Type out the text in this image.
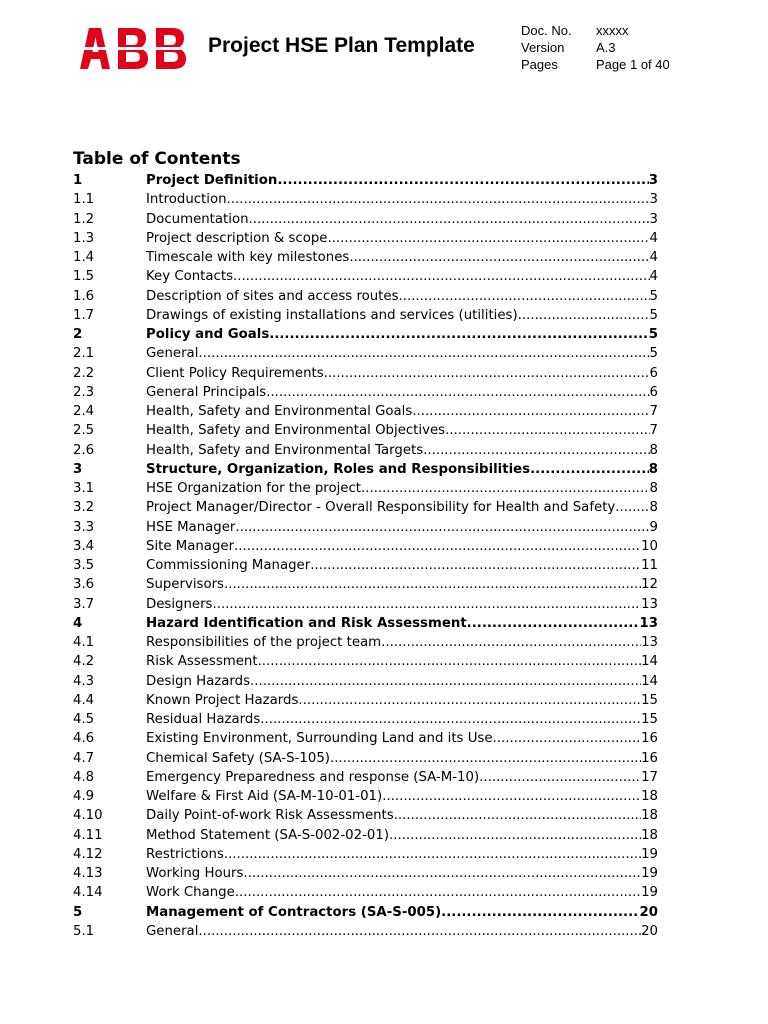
Project HSE Plan Template
Doc. No.	xxxxx
Version	A.3
Pages	Page 1 of 40
Table of Contents
1	Project Definition .....	3
1.1	Introduction .....	3
1.2	Documentation .....	3
1.3	Project description & scope .....	4
1.4	Timescale with key milestones .....	4
1.5	Key Contacts .....	4
1.6	Description of sites and access routes .....	5
1.7	Drawings of existing installations and services (utilities) .....	5
2	Policy and Goals .....	5
2.1	General .....	5
2.2	Client Policy Requirements .....	6
2.3	General Principals .....	6
2.4	Health, Safety and Environmental Goals .....	7
2.5	Health, Safety and Environmental Objectives .....	7
2.6	Health, Safety and Environmental Targets .....	8
3	Structure, Organization, Roles and Responsibilities .....	8
3.1	HSE Organization for the project .....	8
3.2	Project Manager/Director - Overall Responsibility for Health and Safety .....	8
3.3	HSE Manager .....	9
3.4	Site Manager .....	10
3.5	Commissioning Manager .....	11
3.6	Supervisors .....	12
3.7	Designers .....	13
4	Hazard Identification and Risk Assessment .....	13
4.1	Responsibilities of the project team .....	13
4.2	Risk Assessment .....	14
4.3	Design Hazards .....	14
4.4	Known Project Hazards .....	15
4.5	Residual Hazards .....	15
4.6	Existing Environment, Surrounding Land and its Use .....	16
4.7	Chemical Safety (SA-S-105) .....	16
4.8	Emergency Preparedness and response (SA-M-10) .....	17
4.9	Welfare & First Aid (SA-M-10-01-01) .....	18
4.10	Daily Point-of-work Risk Assessments .....	18
4.11	Method Statement (SA-S-002-02-01) .....	18
4.12	Restrictions .....	19
4.13	Working Hours .....	19
4.14	Work Change .....	19
5	Management of Contractors (SA-S-005) .....	20
5.1	General .....	20
